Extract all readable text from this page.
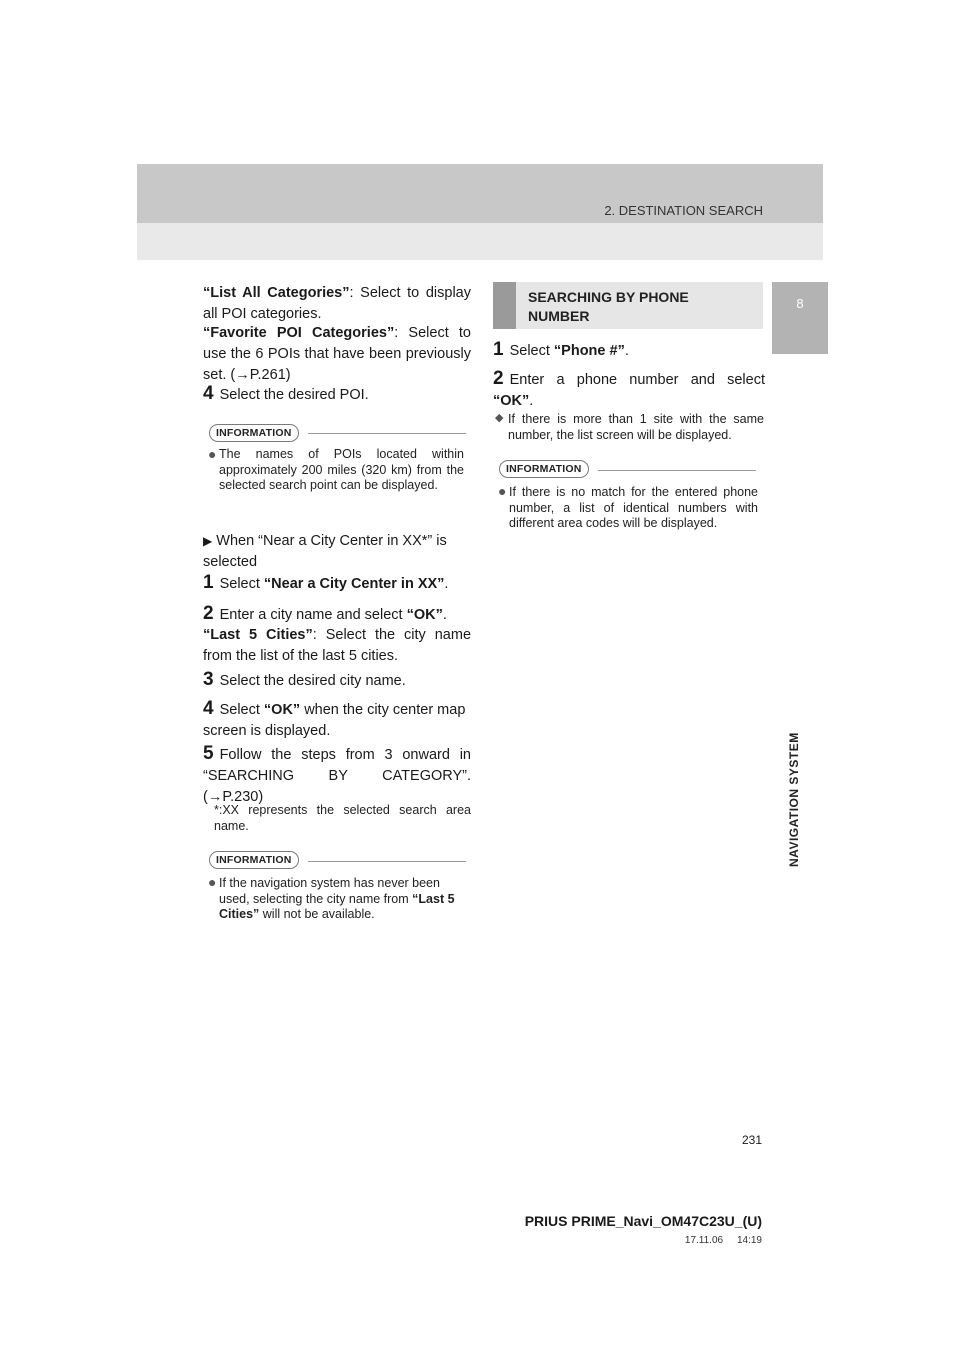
2. DESTINATION SEARCH
8
NAVIGATION SYSTEM
“List All Categories”: Select to display all POI categories.
“Favorite POI Categories”: Select to use the 6 POIs that have been previously set. (→P.261)
4 Select the desired POI.
INFORMATION
● The names of POIs located within approximately 200 miles (320 km) from the selected search point can be displayed.
▶ When “Near a City Center in XX*” is selected
1 Select “Near a City Center in XX”.
2 Enter a city name and select “OK”.
“Last 5 Cities”: Select the city name from the list of the last 5 cities.
3 Select the desired city name.
4 Select “OK” when the city center map screen is displayed.
5 Follow the steps from 3 onward in “SEARCHING BY CATEGORY”. (→P.230)
*:XX represents the selected search area name.
INFORMATION
● If the navigation system has never been used, selecting the city name from “Last 5 Cities” will not be available.
SEARCHING BY PHONE NUMBER
1 Select “Phone #”.
2 Enter a phone number and select “OK”.
◆ If there is more than 1 site with the same number, the list screen will be displayed.
INFORMATION
● If there is no match for the entered phone number, a list of identical numbers with different area codes will be displayed.
231
PRIUS PRIME_Navi_OM47C23U_(U)
17.11.06     14:19
